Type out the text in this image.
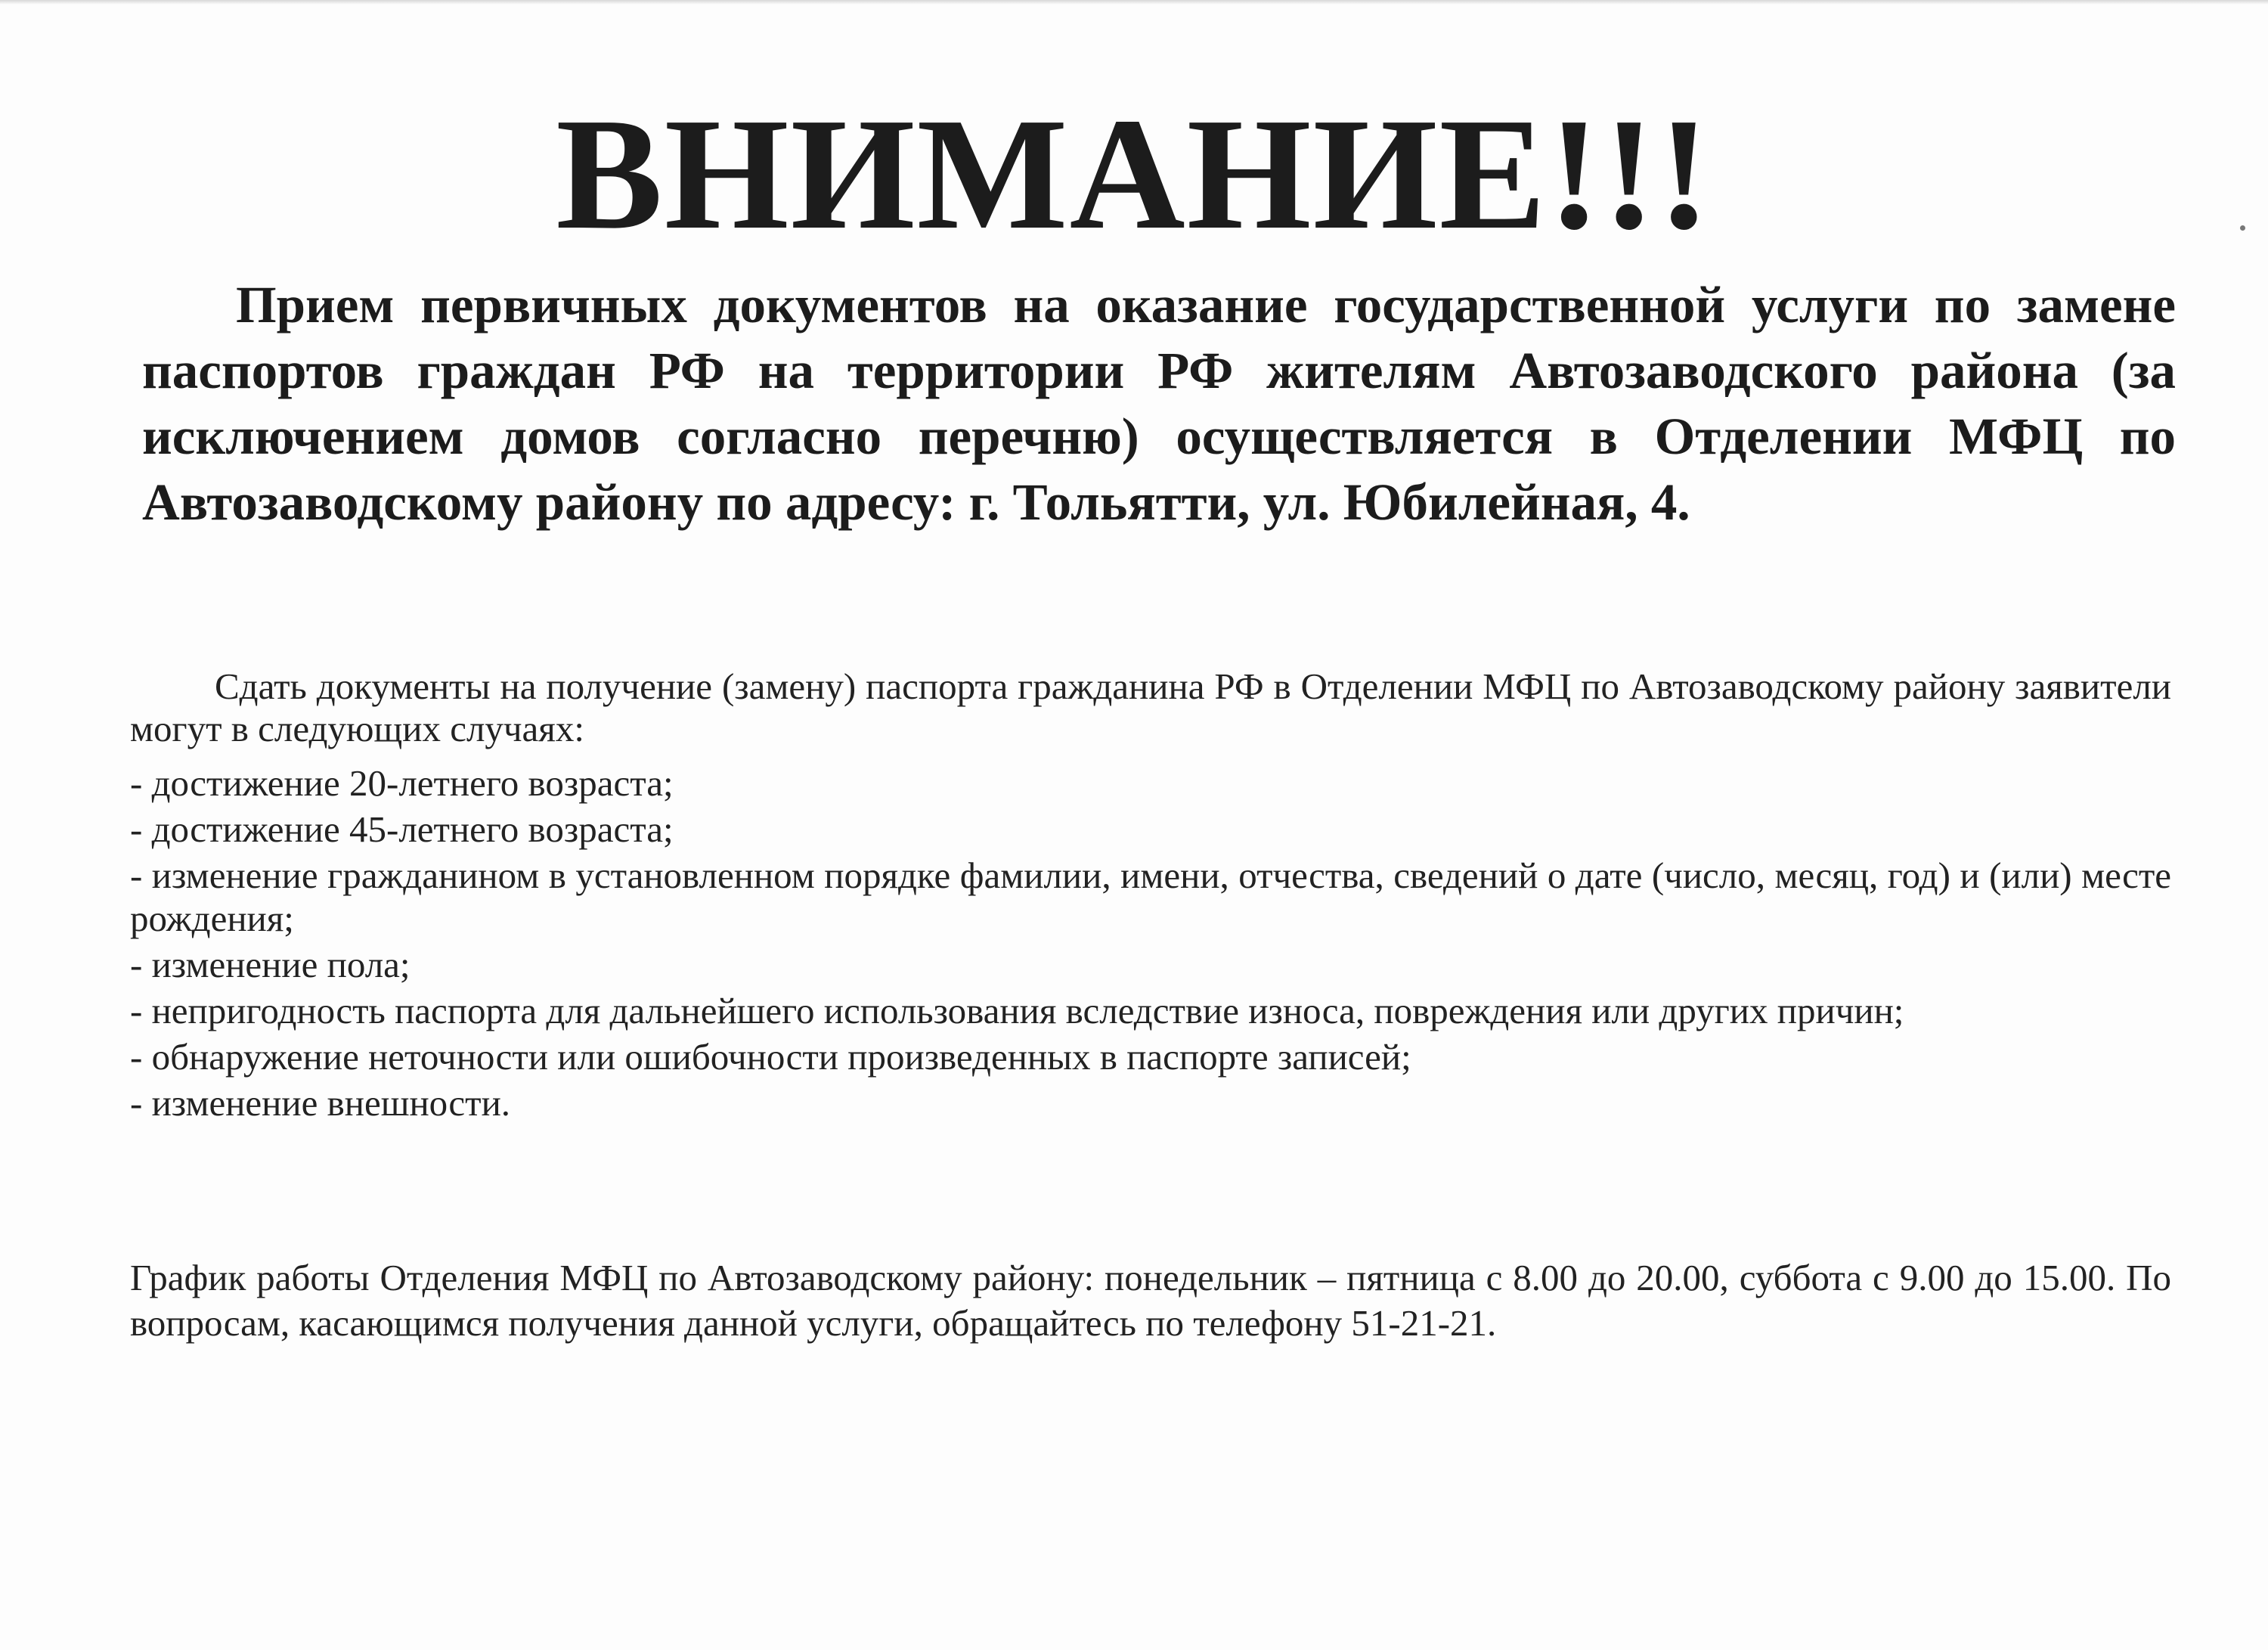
ВНИМАНИЕ!!!

Прием первичных документов на оказание государственной услуги по замене паспортов граждан РФ на территории РФ жителям Автозаводского района (за исключением домов согласно перечню) осуществляется в Отделении МФЦ по Автозаводскому району по адресу: г. Тольятти, ул. Юбилейная, 4.

Сдать документы на получение (замену) паспорта гражданина РФ в Отделении МФЦ по Автозаводскому району заявители могут в следующих случаях:

- достижение 20-летнего возраста;
- достижение 45-летнего возраста;
- изменение гражданином в установленном порядке фамилии, имени, отчества, сведений о дате (число, месяц, год) и (или) месте рождения;
- изменение пола;
- непригодность паспорта для дальнейшего использования вследствие износа, повреждения или других причин;
- обнаружение неточности или ошибочности произведенных в паспорте записей;
- изменение внешности.

График работы Отделения МФЦ по Автозаводскому району: понедельник – пятница с 8.00 до 20.00, суббота с 9.00 до 15.00. По вопросам, касающимся получения данной услуги, обращайтесь по телефону 51-21-21.
